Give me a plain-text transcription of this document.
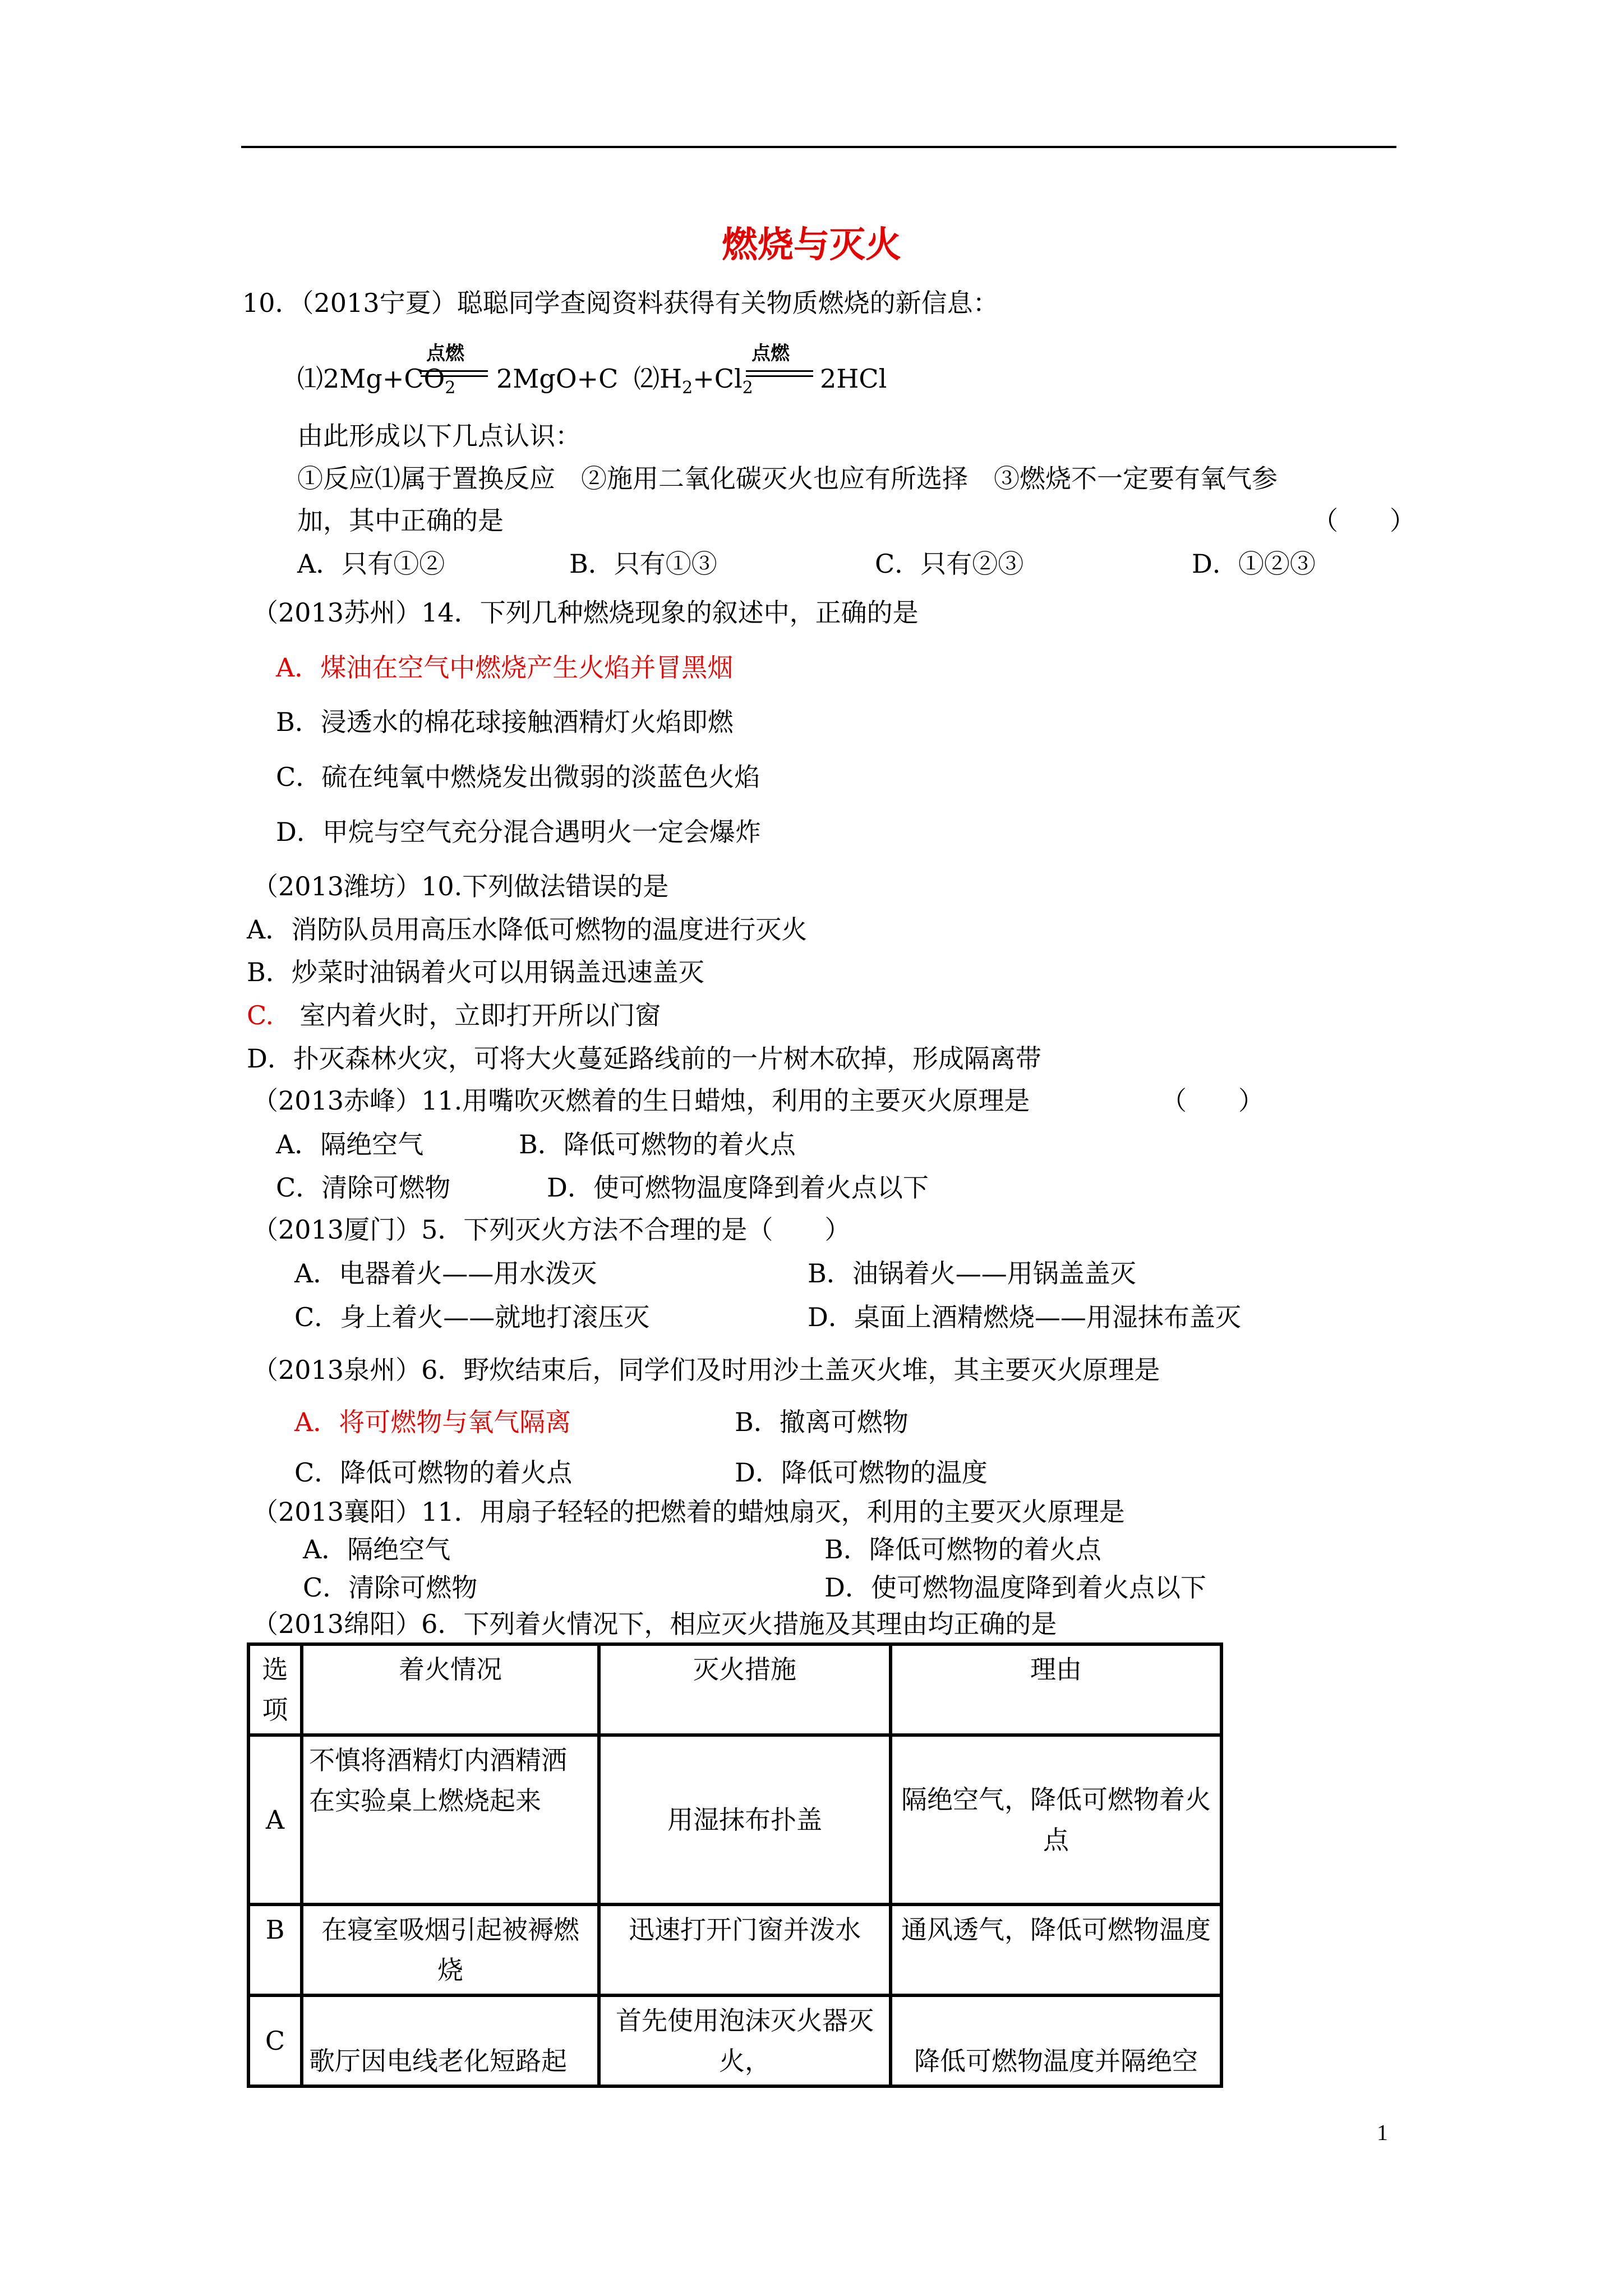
燃烧与灭火
10．（2013宁夏）聪聪同学查阅资料获得有关物质燃烧的新信息：
$⑴2Mg+CO_2$
点燃
2MgO+C $⑵H_2+Cl_2$
点燃
2HCl
由此形成以下几点认识：
①反应⑴属于置换反应　②施用二氧化碳灭火也应有所选择　③燃烧不一定要有氧气参
加，其中正确的是	（　　）
A．只有①②	B．只有①③	C．只有②③	D．①②③
（2013苏州）14．下列几种燃烧现象的叙述中，正确的是
A．煤油在空气中燃烧产生火焰并冒黑烟
B．浸透水的棉花球接触酒精灯火焰即燃
C．硫在纯氧中燃烧发出微弱的淡蓝色火焰
D．甲烷与空气充分混合遇明火一定会爆炸
（2013潍坊）10.下列做法错误的是
A．消防队员用高压水降低可燃物的温度进行灭火
B．炒菜时油锅着火可以用锅盖迅速盖灭
C.　 室内着火时，立即打开所以门窗
D．扑灭森林火灾，可将大火蔓延路线前的一片树木砍掉，形成隔离带
（2013赤峰）11.用嘴吹灭燃着的生日蜡烛，利用的主要灭火原理是	（　　）
A．隔绝空气	B．降低可燃物的着火点
C．清除可燃物	D．使可燃物温度降到着火点以下
（2013厦门）5．下列灭火方法不合理的是（　　）
A．电器着火——用水泼灭	B．油锅着火——用锅盖盖灭
C．身上着火——就地打滚压灭	D．桌面上酒精燃烧——用湿抹布盖灭
（2013泉州）6．野炊结束后，同学们及时用沙土盖灭火堆，其主要灭火原理是
A．将可燃物与氧气隔离	B．撤离可燃物
C．降低可燃物的着火点	D．降低可燃物的温度
（2013襄阳）11．用扇子轻轻的把燃着的蜡烛扇灭，利用的主要灭火原理是
A．隔绝空气	B．降低可燃物的着火点
C．清除可燃物	D．使可燃物温度降到着火点以下
（2013绵阳）6．下列着火情况下，相应灭火措施及其理由均正确的是
选项	着火情况	灭火措施	理由
A	不慎将酒精灯内酒精洒在实验桌上燃烧起来	用湿抹布扑盖	隔绝空气，降低可燃物着火点
B	在寝室吸烟引起被褥燃烧	迅速打开门窗并泼水	通风透气，降低可燃物温度
C	歌厅因电线老化短路起	首先使用泡沫灭火器灭火，	降低可燃物温度并隔绝空
1
